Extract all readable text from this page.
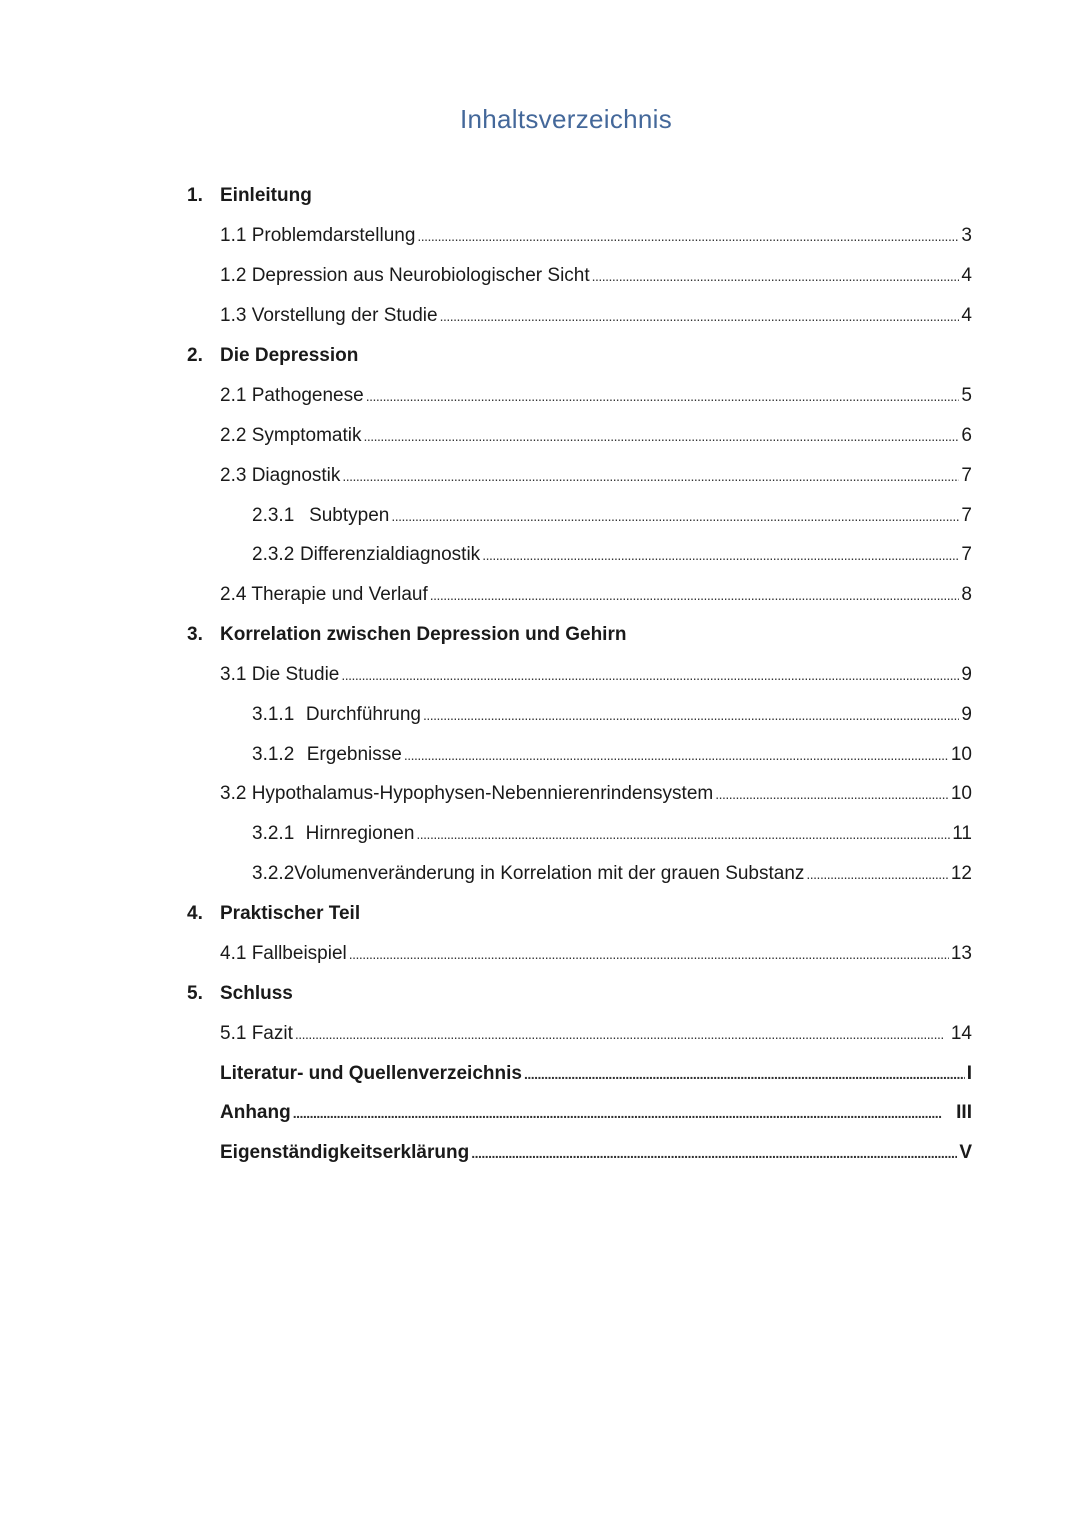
Inhaltsverzeichnis
1. Einleitung
1.1 Problemdarstellung . . .	3
1.2 Depression aus Neurobiologischer Sicht . . .	4
1.3 Vorstellung der Studie . . .	4
2. Die Depression
2.1 Pathogenese . . .	5
2.2 Symptomatik . . .	6
2.3 Diagnostik . . .	7
2.3.1 Subtypen . . .	7
2.3.2 Differenzialdiagnostik . . .	7
2.4 Therapie und Verlauf . . .	8
3. Korrelation zwischen Depression und Gehirn
3.1 Die Studie . . .	9
3.1.1 Durchführung . . .	9
3.1.2 Ergebnisse . . .	10
3.2 Hypothalamus-Hypophysen-Nebennierenrindensystem . . .	10
3.2.1 Hirnregionen . . .	11
3.2.2 Volumenveränderung in Korrelation mit der grauen Substanz . . .	12
4. Praktischer Teil
4.1 Fallbeispiel . . .	13
5. Schluss
5.1 Fazit . . .	14
Literatur- und Quellenverzeichnis . . .	I
Anhang . . .	III
Eigenständigkeitserklärung . . .	V
